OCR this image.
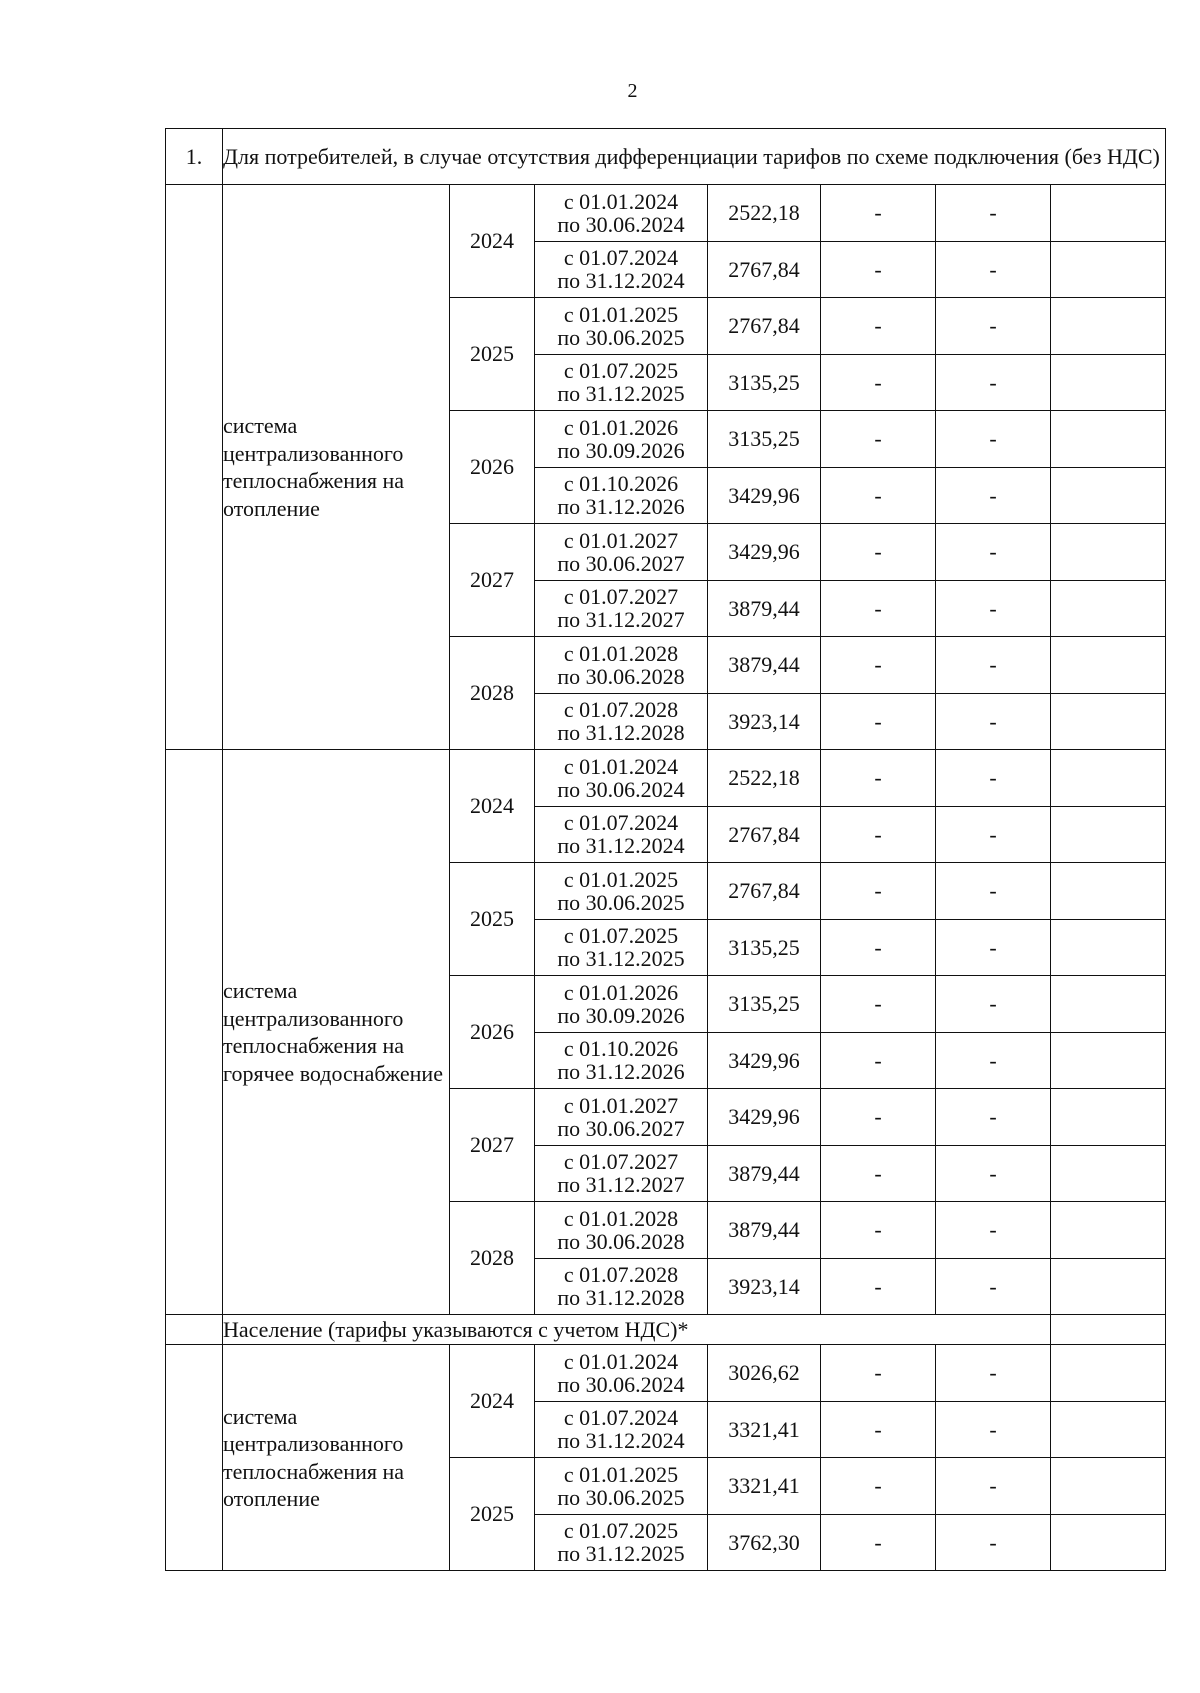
2
1.	Для потребителей, в случае отсутствия дифференциации тарифов по схеме подключения (без НДС)						
	система централизованного теплоснабжения на отопление	2024	с 01.01.2024
по 30.06.2024	2522,18	-	-	

			с 01.07.2024
по 31.12.2024	2767,84	-	-	
		2025	с 01.01.2025
по 30.06.2025	2767,84	-	-	

			с 01.07.2025
по 31.12.2025	3135,25	-	-	
		2026	с 01.01.2026
по 30.09.2026	3135,25	-	-	

			с 01.10.2026
по 31.12.2026	3429,96	-	-	
		2027	с 01.01.2027
по 30.06.2027	3429,96	-	-	

			с 01.07.2027
по 31.12.2027	3879,44	-	-	
		2028	с 01.01.2028
по 30.06.2028	3879,44	-	-	

			с 01.07.2028
по 31.12.2028	3923,14	-	-	
	система централизованного теплоснабжения на горячее водоснабжение	2024	с 01.01.2024
по 30.06.2024	2522,18	-	-	

			с 01.07.2024
по 31.12.2024	2767,84	-	-	
		2025	с 01.01.2025
по 30.06.2025	2767,84	-	-	

			с 01.07.2025
по 31.12.2025	3135,25	-	-	
		2026	с 01.01.2026
по 30.09.2026	3135,25	-	-	

			с 01.10.2026
по 31.12.2026	3429,96	-	-	
		2027	с 01.01.2027
по 30.06.2027	3429,96	-	-	

			с 01.07.2027
по 31.12.2027	3879,44	-	-	
		2028	с 01.01.2028
по 30.06.2028	3879,44	-	-	

			с 01.07.2028
по 31.12.2028	3923,14	-	-	
	Население (тарифы указываются с учетом НДС)*						
	система централизованного теплоснабжения на отопление	2024	с 01.01.2024
по 30.06.2024	3026,62	-	-	

			с 01.07.2024
по 31.12.2024	3321,41	-	-	
		2025	с 01.01.2025
по 30.06.2025	3321,41	-	-	

			с 01.07.2025
по 31.12.2025	3762,30	-	-	
